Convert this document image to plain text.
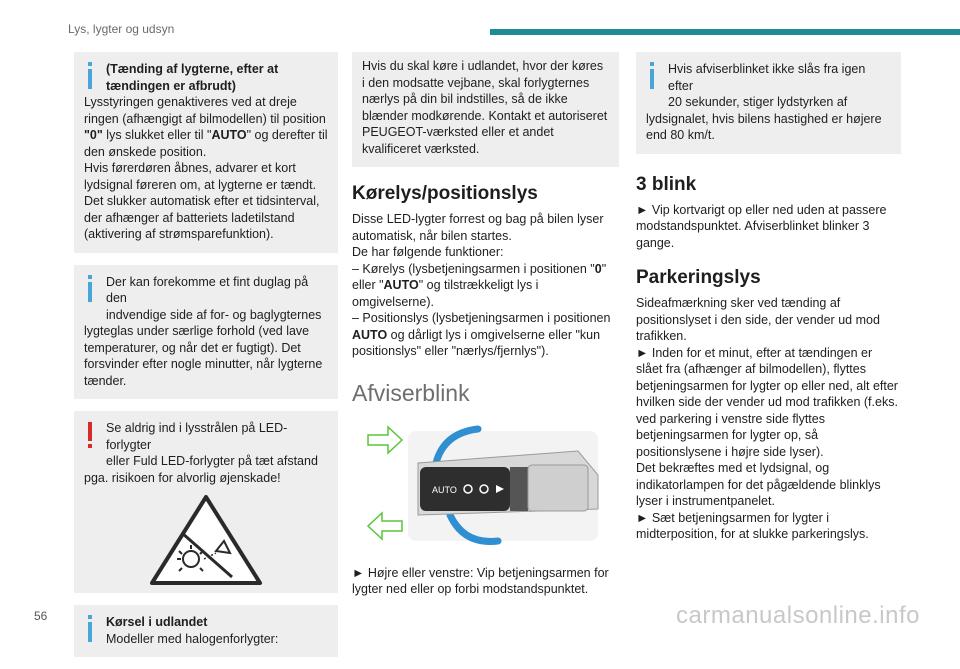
Lys, lygter og udsyn
(Tænding af lygterne, efter at
tændingen er afbrudt)

Lysstyringen genaktiveres ved at dreje ringen (afhængigt af bilmodellen) til position "0" lys slukket eller til "AUTO" og derefter til den ønskede position.

Hvis førerdøren åbnes, advarer et kort lydsignal føreren om, at lygterne er tændt.

Det slukker automatisk efter et tidsinterval, der afhænger af batteriets ladetilstand (aktivering af strømsparefunktion).

Der kan forekomme et fint duglag på den
indvendige side af for- og baglygternes

lygteglas under særlige forhold (ved lave temperaturer, og når det er fugtigt). Det forsvinder efter nogle minutter, når lygterne tænder.

Se aldrig ind i lysstrålen på LED-forlygter
eller Fuld LED-forlygter på tæt afstand

pga. risikoen for alvorlig øjenskade!

Kørsel i udlandet
Modeller med halogenforlygter:

Hvis du skal køre i udlandet, hvor der køres i den modsatte vejbane, skal forlygternes nærlys på din bil indstilles, så de ikke blænder modkørende. Kontakt et autoriseret PEUGEOT-værksted eller et andet kvalificeret værksted.

Kørelys/positionslys

Disse LED-lygter forrest og bag på bilen lyser automatisk, når bilen startes.

De har følgende funktioner:

– Kørelys (lysbetjeningsarmen i positionen "0" eller "AUTO" og tilstrækkeligt lys i omgivelserne).

– Positionslys (lysbetjeningsarmen i positionen AUTO og dårligt lys i omgivelserne eller "kun positionslys" eller "nærlys/fjernlys").

Afviserblink
AUTO
► Højre eller venstre: Vip betjeningsarmen for lygter ned eller op forbi modstandspunktet.
Hvis afviserblinket ikke slås fra igen efter
20 sekunder, stiger lydstyrken af

lydsignalet, hvis bilens hastighed er højere end 80 km/t.

3 blink
► Vip kortvarigt op eller ned uden at passere modstandspunktet. Afviserblinket blinker 3 gange.
Parkeringslys

Sideafmærkning sker ved tænding af positionslyset i den side, der vender ud mod trafikken.

► Inden for et minut, efter at tændingen er slået fra (afhænger af bilmodellen), flyttes betjeningsarmen for lygter op eller ned, alt efter hvilken side der vender ud mod trafikken (f.eks. ved parkering i venstre side flyttes betjeningsarmen for lygter op, så positionslysene i højre side lyser).

Det bekræftes med et lydsignal, og indikatorlampen for det pågældende blinklys lyser i instrumentpanelet.

► Sæt betjeningsarmen for lygter i midterposition, for at slukke parkeringslys.

56	carmanualsonline.info
